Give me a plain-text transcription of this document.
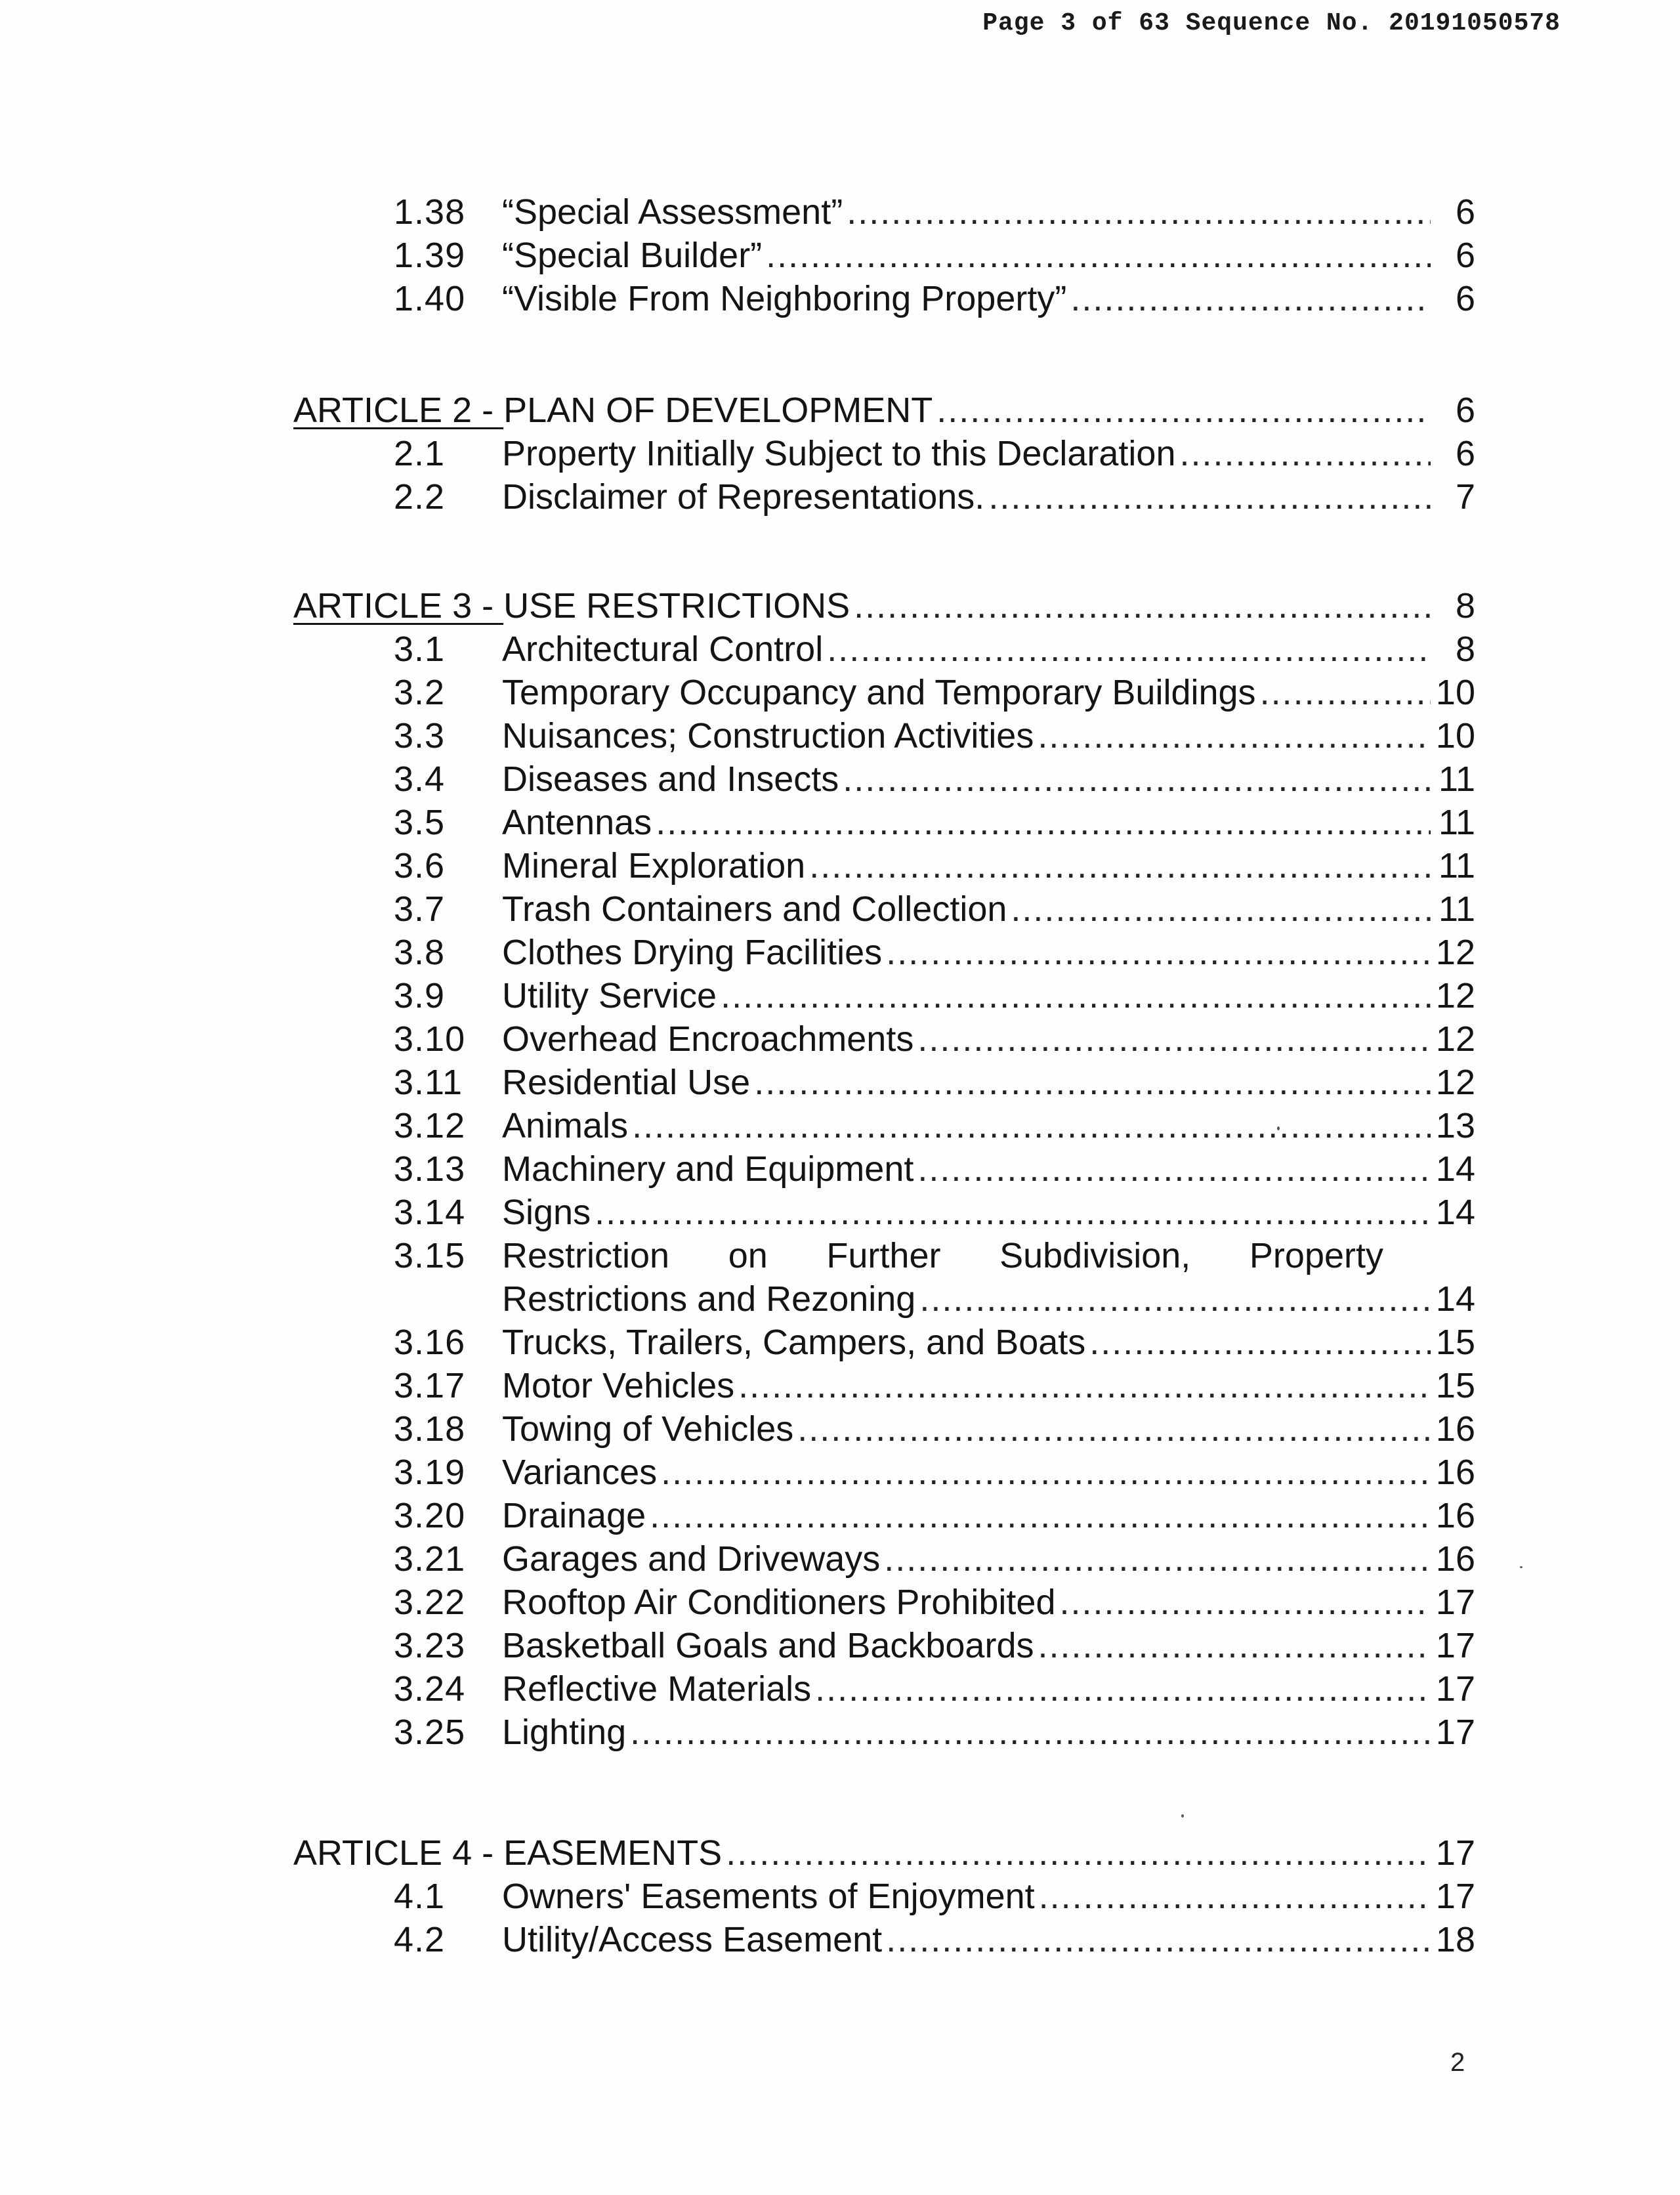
Page 3 of 63 Sequence No. 20191050578
1.38 “Special Assessment” .....	6
1.39 “Special Builder” .....	6
1.40 “Visible From Neighboring Property” .....	6
ARTICLE 2 - PLAN OF DEVELOPMENT .....	6
2.1 Property Initially Subject to this Declaration .....	6
2.2 Disclaimer of Representations. .....	7
ARTICLE 3 - USE RESTRICTIONS .....	8
3.1 Architectural Control .....	8
3.2 Temporary Occupancy and Temporary Buildings .....	10
3.3 Nuisances; Construction Activities .....	10
3.4 Diseases and Insects .....	11
3.5 Antennas .....	11
3.6 Mineral Exploration .....	11
3.7 Trash Containers and Collection .....	11
3.8 Clothes Drying Facilities .....	12
3.9 Utility Service .....	12
3.10 Overhead Encroachments .....	12
3.11 Residential Use .....	12
3.12 Animals .....	13
3.13 Machinery and Equipment .....	14
3.14 Signs .....	14
3.15 Restriction on Further Subdivision, Property
Restrictions and Rezoning .....	14
3.16 Trucks, Trailers, Campers, and Boats .....	15
3.17 Motor Vehicles .....	15
3.18 Towing of Vehicles .....	16
3.19 Variances .....	16
3.20 Drainage .....	16
3.21 Garages and Driveways .....	16
3.22 Rooftop Air Conditioners Prohibited .....	17
3.23 Basketball Goals and Backboards .....	17
3.24 Reflective Materials .....	17
3.25 Lighting .....	17
ARTICLE 4 - EASEMENTS .....	17
4.1 Owners' Easements of Enjoyment .....	17
4.2 Utility/Access Easement .....	18
2
